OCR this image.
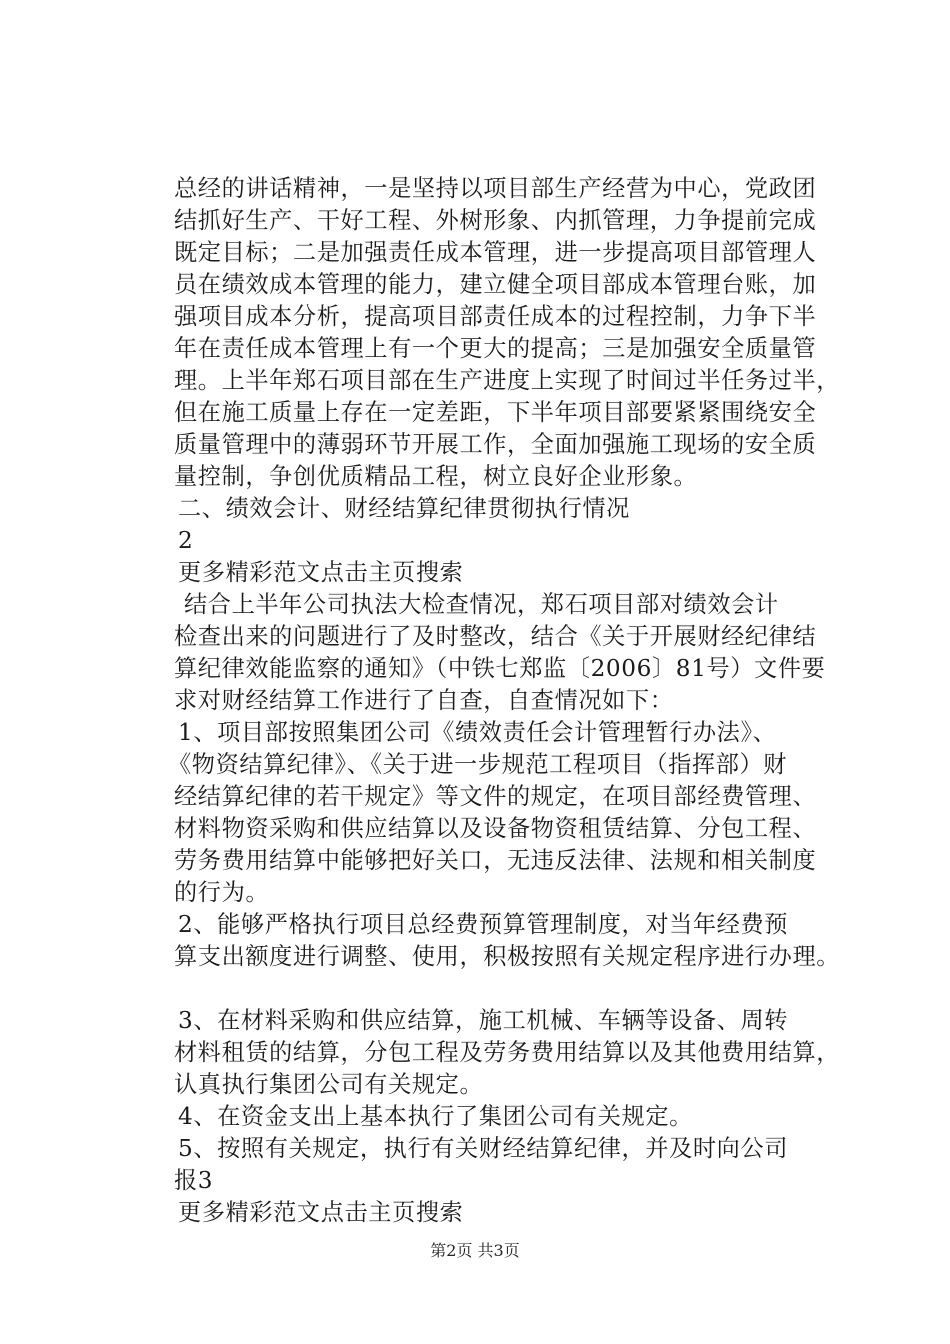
总经的讲话精神，一是坚持以项目部生产经营为中心，党政团
结抓好生产、干好工程、外树形象、内抓管理，力争提前完成
既定目标；二是加强责任成本管理，进一步提高项目部管理人
员在绩效成本管理的能力，建立健全项目部成本管理台账，加
强项目成本分析，提高项目部责任成本的过程控制，力争下半
年在责任成本管理上有一个更大的提高；三是加强安全质量管
理。上半年郑石项目部在生产进度上实现了时间过半任务过半，
但在施工质量上存在一定差距，下半年项目部要紧紧围绕安全
质量管理中的薄弱环节开展工作，全面加强施工现场的安全质
量控制，争创优质精品工程，树立良好企业形象。
二、绩效会计、财经结算纪律贯彻执行情况
2
更多精彩范文点击主页搜索
结合上半年公司执法大检查情况，郑石项目部对绩效会计
检查出来的问题进行了及时整改，结合《关于开展财经纪律结
算纪律效能监察的通知》（中铁七郑监〔2006〕81号）文件要
求对财经结算工作进行了自查，自查情况如下：
1、项目部按照集团公司《绩效责任会计管理暂行办法》、
《物资结算纪律》、《关于进一步规范工程项目（指挥部）财
经结算纪律的若干规定》等文件的规定，在项目部经费管理、
材料物资采购和供应结算以及设备物资租赁结算、分包工程、
劳务费用结算中能够把好关口，无违反法律、法规和相关制度
的行为。
2、能够严格执行项目总经费预算管理制度，对当年经费预
算支出额度进行调整、使用，积极按照有关规定程序进行办理。
3、在材料采购和供应结算，施工机械、车辆等设备、周转
材料租赁的结算，分包工程及劳务费用结算以及其他费用结算，
认真执行集团公司有关规定。
4、在资金支出上基本执行了集团公司有关规定。
5、按照有关规定，执行有关财经结算纪律，并及时向公司
报3
更多精彩范文点击主页搜索
第2页 共3页
